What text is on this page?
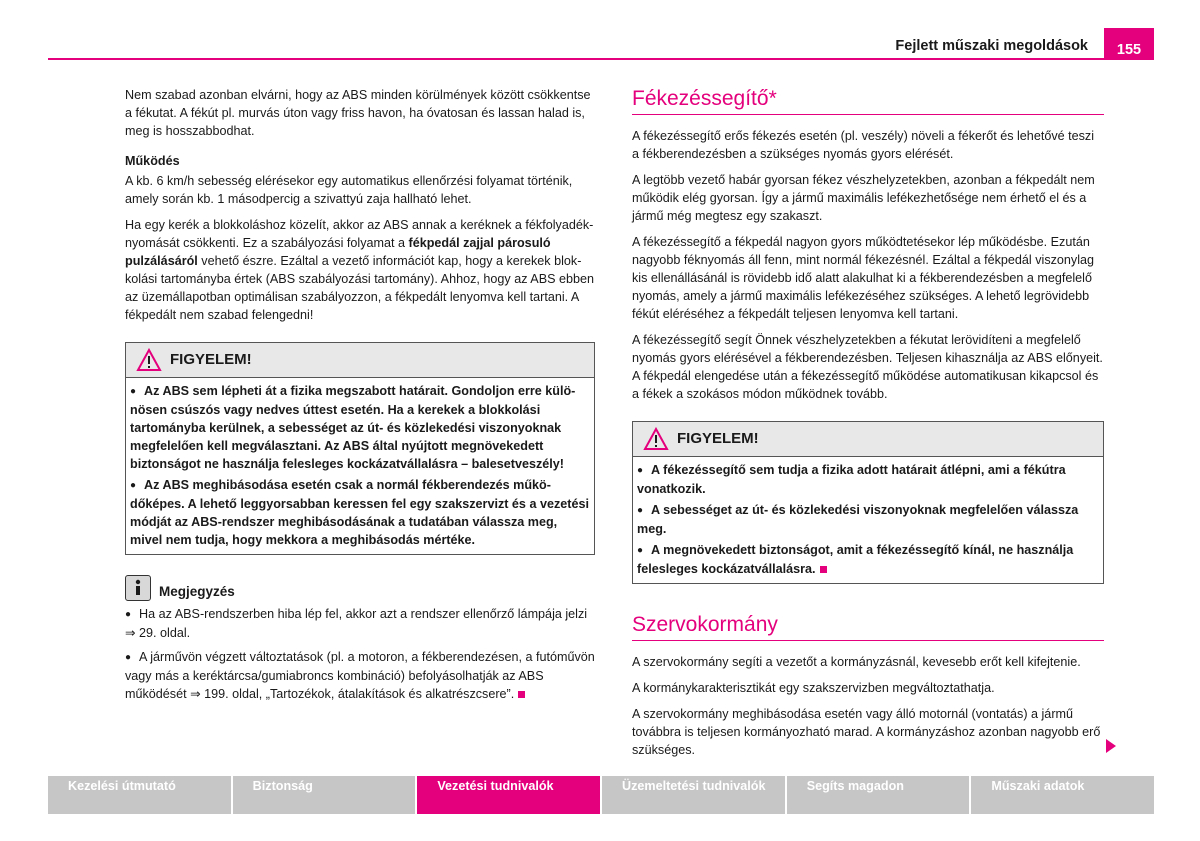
Fejlett műszaki megoldások	155

Nem szabad azonban elvárni, hogy az ABS minden körülmények között csökkentse a fékutat. A fékút pl. murvás úton vagy friss havon, ha óvatosan és lassan halad is, meg is hosszabbodhat.

Működés

A kb. 6 km/h sebesség elérésekor egy automatikus ellenőrzési folyamat történik, amely során kb. 1 másodpercig a szivattyú zaja hallható lehet.

Ha egy kerék a blokkoláshoz közelít, akkor az ABS annak a keréknek a fékfolyadéknyomását csökkenti. Ez a szabályozási folyamat a fékpedál zajjal párosuló pulzálásáról vehető észre. Ezáltal a vezető információt kap, hogy a kerekek blokkolási tartományba értek (ABS szabályozási tartomány). Ahhoz, hogy az ABS ebben az üzemállapotban optimálisan szabályozzon, a fékpedált lenyomva kell tartani. A fékpedált nem szabad felengedni!

FIGYELEM!

● Az ABS sem lépheti át a fizika megszabott határait. Gondoljon erre különösen csúszós vagy nedves úttest esetén. Ha a kerekek a blokkolási tartományba kerülnek, a sebességet az út- és közlekedési viszonyoknak megfelelően kell megválasztani. Az ABS által nyújtott megnövekedett biztonságot ne használja felesleges kockázatvállalásra – balesetveszély!

● Az ABS meghibásodása esetén csak a normál fékberendezés működőképes. A lehető leggyorsabban keressen fel egy szakszervizt és a vezetési módját az ABS-rendszer meghibásodásának a tudatában válassza meg, mivel nem tudja, hogy mekkora a meghibásodás mértéke.

Megjegyzés

● Ha az ABS-rendszerben hiba lép fel, akkor azt a rendszer ellenőrző lámpája jelzi ⇒ 29. oldal.

● A járművön végzett változtatások (pl. a motoron, a fékberendezésen, a futóművön vagy más a keréktárcsa/gumiabroncs kombináció) befolyásolhatják az ABS működését ⇒ 199. oldal, „Tartozékok, átalakítások és alkatrészcsere”.

Fékezéssegítő*

A fékezéssegítő erős fékezés esetén (pl. veszély) növeli a fékerőt és lehetővé teszi a fékberendezésben a szükséges nyomás gyors elérését.

A legtöbb vezető habár gyorsan fékez vészhelyzetekben, azonban a fékpedált nem működik elég gyorsan. Így a jármű maximális lefékezhetősége nem érhető el és a jármű még megtesz egy szakaszt.

A fékezéssegítő a fékpedál nagyon gyors működtetésekor lép működésbe. Ezután nagyobb féknyomás áll fenn, mint normál fékezésnél. Ezáltal a fékpedál viszonylag kis ellenállásánál is rövidebb idő alatt alakulhat ki a fékberendezésben a megfelelő nyomás, amely a jármű maximális lefékezéséhez szükséges. A lehető legrövidebb fékút eléréséhez a fékpedált teljesen lenyomva kell tartani.

A fékezéssegítő segít Önnek vészhelyzetekben a fékutat lerövidíteni a megfelelő nyomás gyors elérésével a fékberendezésben. Teljesen kihasználja az ABS előnyeit. A fékpedál elengedése után a fékezéssegítő működése automatikusan kikapcsol és a fékek a szokásos módon működnek tovább.

FIGYELEM!

● A fékezéssegítő sem tudja a fizika adott határait átlépni, ami a fékútra vonatkozik.

● A sebességet az út- és közlekedési viszonyoknak megfelelően válassza meg.

● A megnövekedett biztonságot, amit a fékezéssegítő kínál, ne használja felesleges kockázatvállalásra.

Szervokormány

A szervokormány segíti a vezetőt a kormányzásnál, kevesebb erőt kell kifejtenie.

A kormánykarakterisztikát egy szakszervizben megváltoztathatja.

A szervokormány meghibásodása esetén vagy álló motornál (vontatás) a jármű továbbra is teljesen kormányozható marad. A kormányzáshoz azonban nagyobb erő szükséges.

Kezelési útmutató	Biztonság	Vezetési tudnivalók	Üzemeltetési tudnivalók	Segíts magadon	Műszaki adatok
